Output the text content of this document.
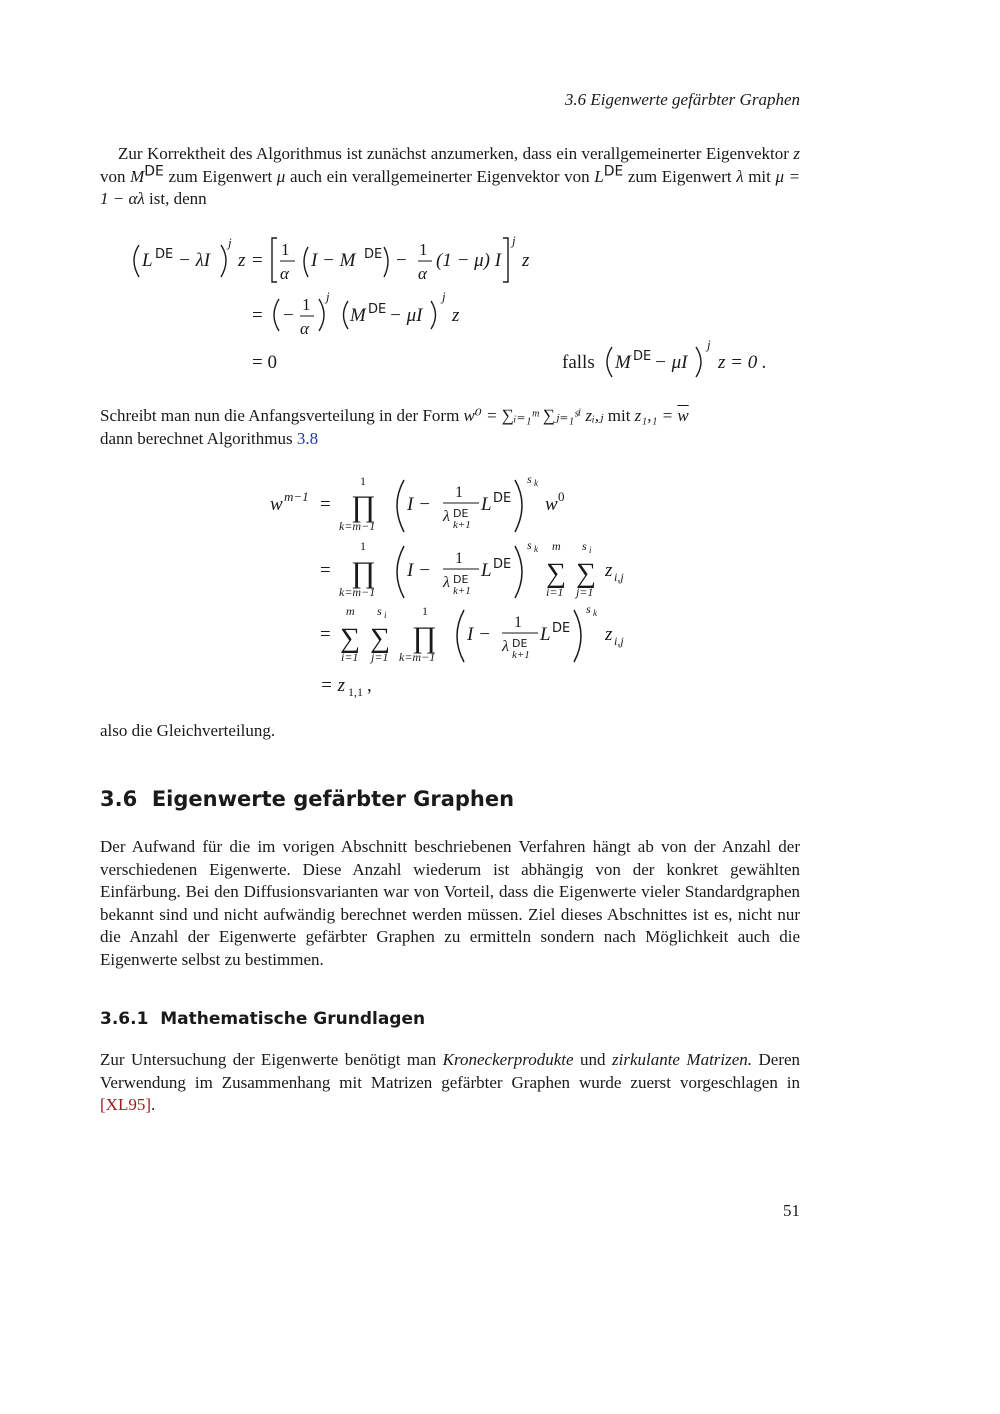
3.6 Eigenwerte gefärbter Graphen
Zur Korrektheit des Algorithmus ist zunächst anzumerken, dass ein verallgemeinerter Eigenvektor z von MDE zum Eigenwert μ auch ein verallgemeinerter Eigenvektor von LDE zum Eigenwert λ mit μ = 1 − αλ ist, denn
L DE − λI
j
z =
1
α
I − M DE −
1
α
(1 − μ) I
j
z
= −
1
α
j
M DE − μI
j
z
= 0	falls M DE − μI
j
z = 0 .
Schreibt man nun die Anfangsverteilung in der Form w⁰ = ∑ᵢ₌₁ᵐ ∑ⱼ₌₁ˢⁱ zᵢ,ⱼ mit $z_1,_1 = \overline{w}$
dann berechnet Algorithmus 3.8
w m−1 =
1
∏
k=m−1
I −
1
λ DE
k+1
L DE
s k
w 0
=
1
∏
k=m−1
I −
1
λ DE
k+1
L DE
s k m
∑
i=1
s i
∑
j=1
z i,j
=
m
∑
i=1
s i
∑
j=1
1
∏
k=m−1
I −
1
λ DE
k+1
L DE
s k
z i,j
= z 1,1 ,
also die Gleichverteilung.
3.6 Eigenwerte gefärbter Graphen
Der Aufwand für die im vorigen Abschnitt beschriebenen Verfahren hängt ab von der Anzahl der verschiedenen Eigenwerte. Diese Anzahl wiederum ist abhängig von der konkret gewählten Einfärbung. Bei den Diffusionsvarianten war von Vorteil, dass die Eigenwerte vieler Standardgraphen bekannt sind und nicht aufwändig berechnet werden müssen. Ziel dieses Abschnittes ist es, nicht nur die Anzahl der Eigenwerte gefärbter Graphen zu ermitteln sondern nach Möglichkeit auch die Eigenwerte selbst zu bestimmen.
3.6.1 Mathematische Grundlagen
Zur Untersuchung der Eigenwerte benötigt man Kroneckerprodukte und zirkulante Matrizen. Deren Verwendung im Zusammenhang mit Matrizen gefärbter Graphen wurde zuerst vorgeschlagen in [XL95].
51
